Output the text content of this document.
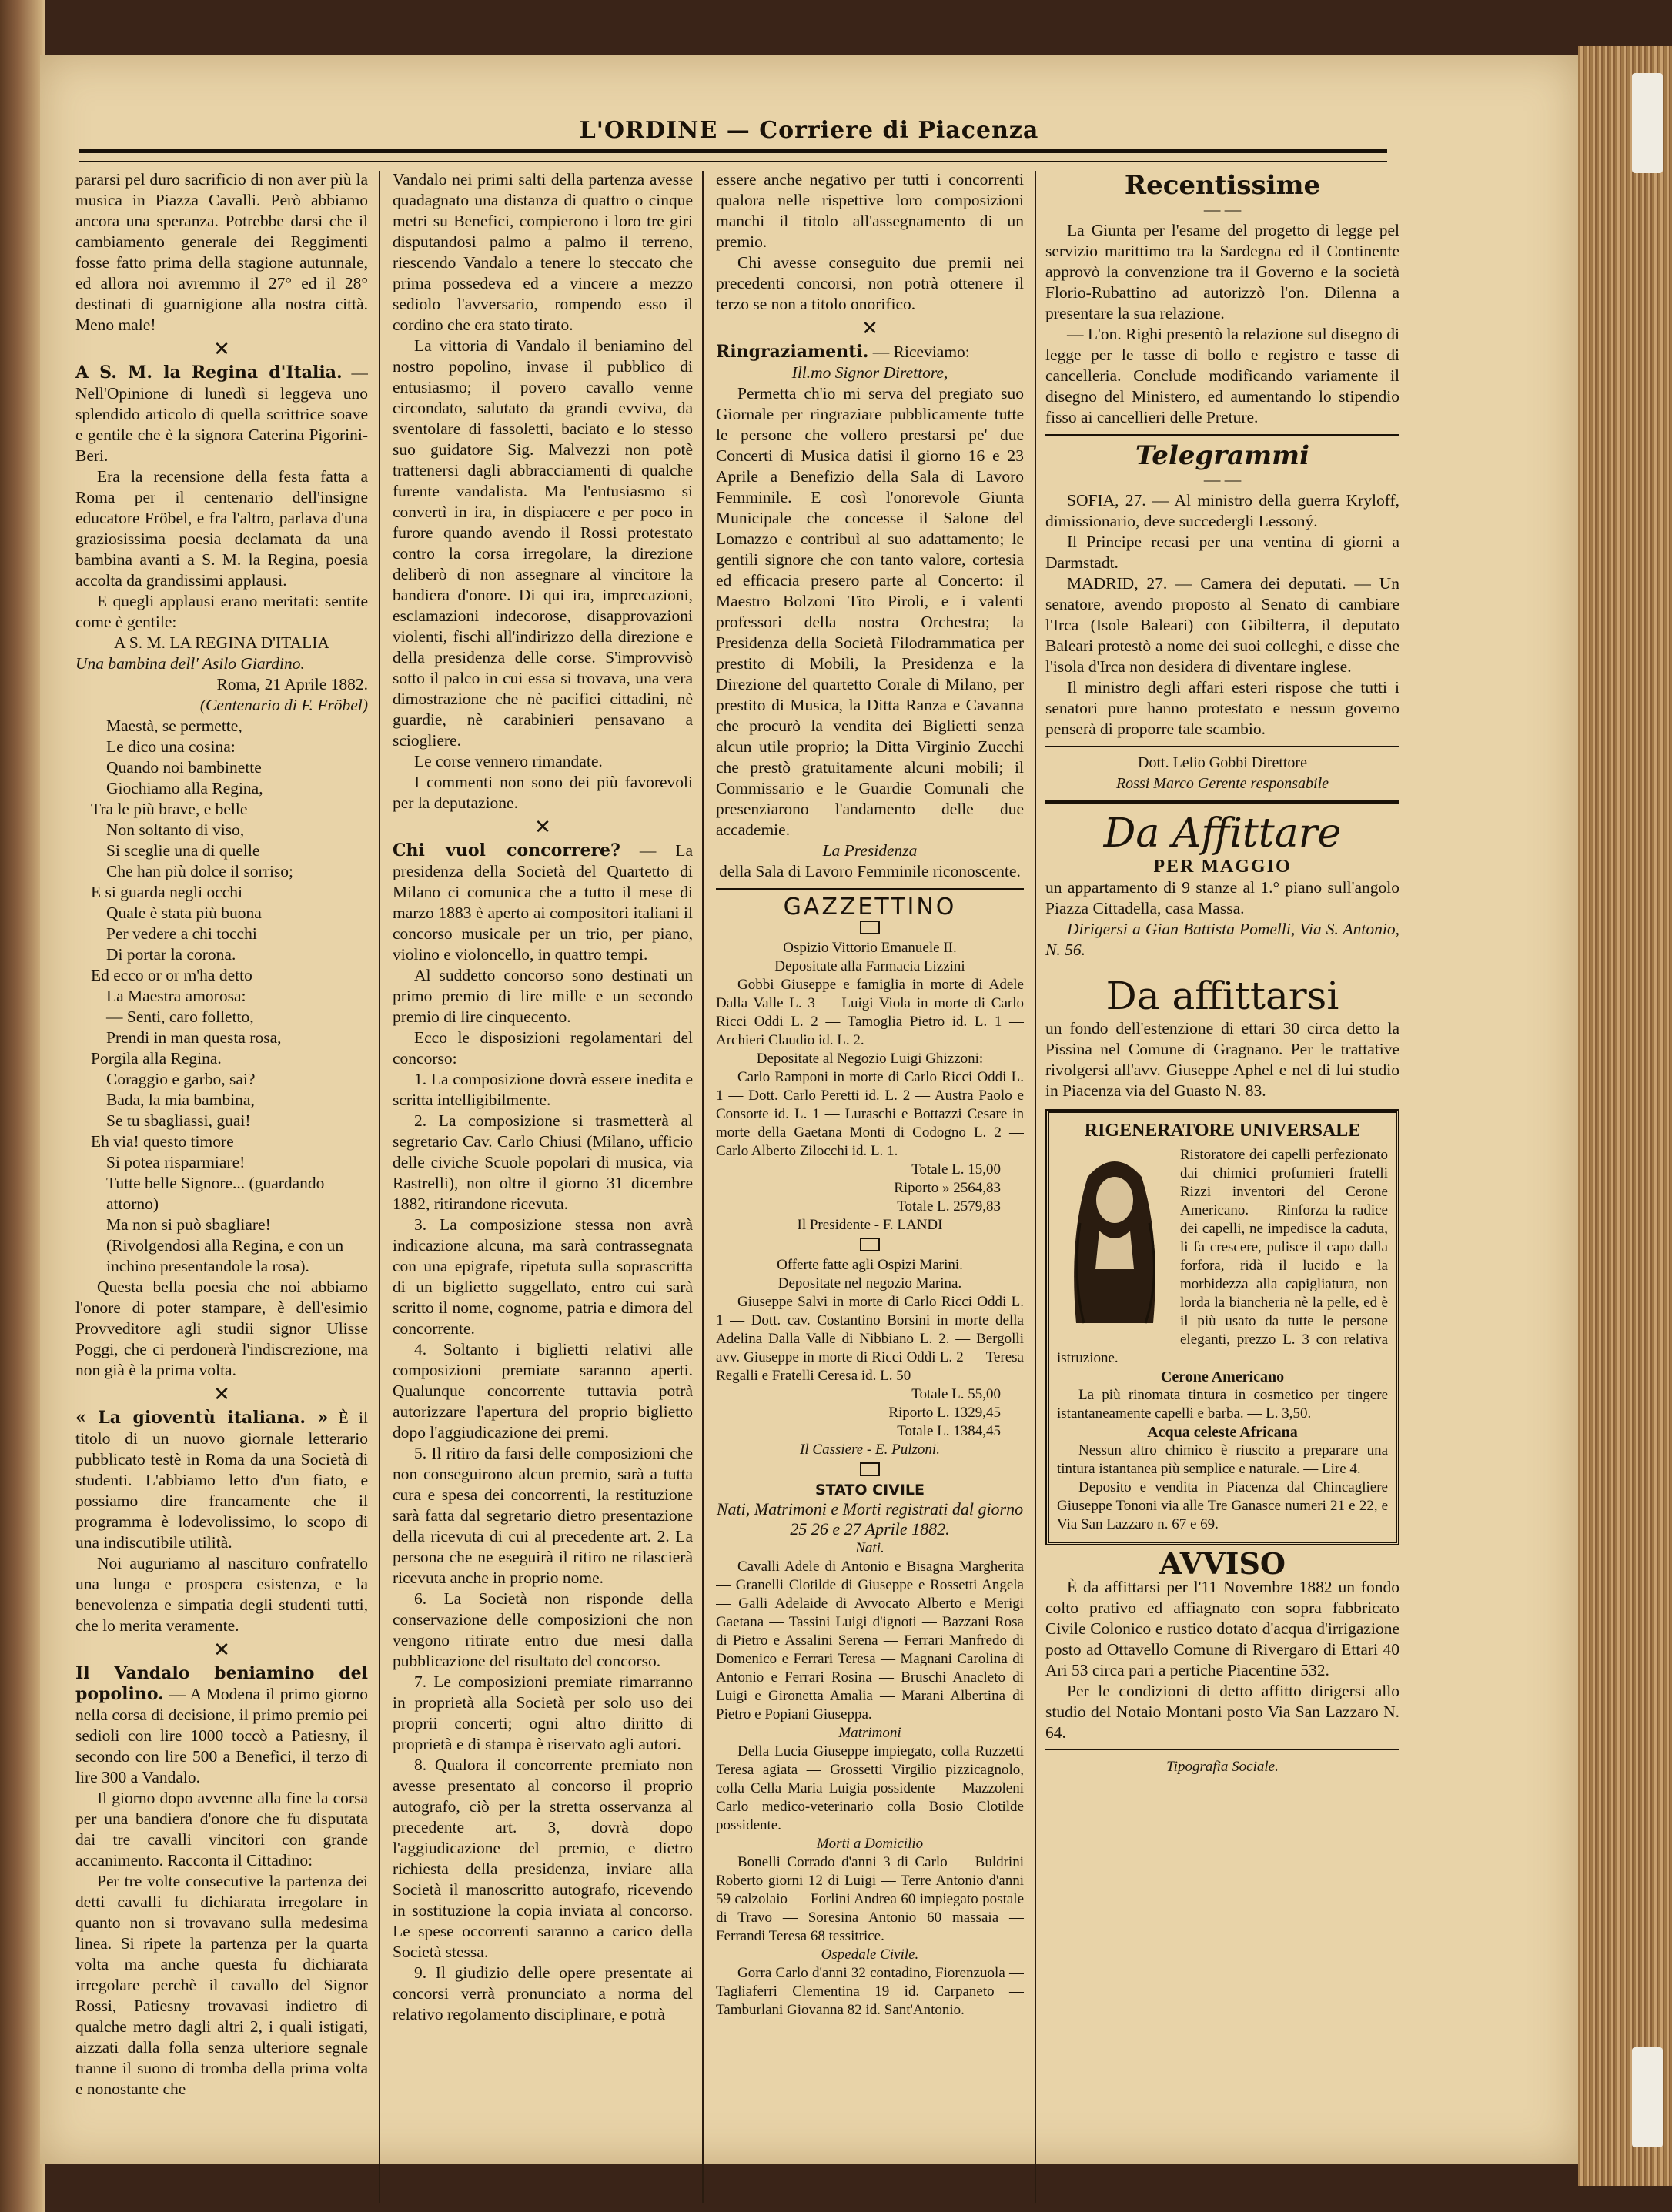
L'ORDINE — Corriere di Piacenza

pararsi pel duro sacrificio di non aver più la musica in Piazza Cavalli. Però abbiamo ancora una speranza. Potrebbe darsi che il cambiamento generale dei Reggimenti fosse fatto prima della stagione autunnale, ed allora noi avremmo il 27° ed il 28° destinati di guarnigione alla nostra città. Meno male!

✕

A S. M. la Regina d'Italia. — Nell'Opinione di lunedì si leggeva uno splendido articolo di quella scrittrice soave e gentile che è la signora Caterina Pigorini-Beri.

Era la recensione della festa fatta a Roma per il centenario dell'insigne educatore Fröbel, e fra l'altro, parlava d'una graziosissima poesia declamata da una bambina avanti a S. M. la Regina, poesia accolta da grandissimi applausi.

E quegli applausi erano meritati: sentite come è gentile:

A S. M. LA REGINA D'ITALIA

Una bambina dell' Asilo Giardino.

Roma, 21 Aprile 1882.

(Centenario di F. Fröbel)

Maestà, se permette,

Le dico una cosina:

Quando noi bambinette

Giochiamo alla Regina,

Tra le più brave, e belle

Non soltanto di viso,

Si sceglie una di quelle

Che han più dolce il sorriso;

E si guarda negli occhi

Quale è stata più buona

Per vedere a chi tocchi

Di portar la corona.

Ed ecco or or m'ha detto

La Maestra amorosa:

— Senti, caro folletto,

Prendi in man questa rosa,

Porgila alla Regina.

Coraggio e garbo, sai?

Bada, la mia bambina,

Se tu sbagliassi, guai!

Eh via! questo timore

Si potea risparmiare!

Tutte belle Signore... (guardando attorno)

Ma non si può sbagliare! (Rivolgendosi alla Regina, e con un inchino presentandole la rosa).

Questa bella poesia che noi abbiamo l'onore di poter stampare, è dell'esimio Provveditore agli studii signor Ulisse Poggi, che ci perdonerà l'indiscrezione, ma non già è la prima volta.

✕

« La gioventù italiana. » È il titolo di un nuovo giornale letterario pubblicato testè in Roma da una Società di studenti. L'abbiamo letto d'un fiato, e possiamo dire francamente che il programma è lodevolissimo, lo scopo di una indiscutibile utilità.

Noi auguriamo al nascituro confratello una lunga e prospera esistenza, e la benevolenza e simpatia degli studenti tutti, che lo merita veramente.

✕

Il Vandalo beniamino del popolino. — A Modena il primo giorno nella corsa di decisione, il primo premio pei sedioli con lire 1000 toccò a Patiesny, il secondo con lire 500 a Benefici, il terzo di lire 300 a Vandalo.

Il giorno dopo avvenne alla fine la corsa per una bandiera d'onore che fu disputata dai tre cavalli vincitori con grande accanimento. Racconta il Cittadino:

Per tre volte consecutive la partenza dei detti cavalli fu dichiarata irregolare in quanto non si trovavano sulla medesima linea. Si ripete la partenza per la quarta volta ma anche questa fu dichiarata irregolare perchè il cavallo del Signor Rossi, Patiesny trovavasi indietro di qualche metro dagli altri 2, i quali istigati, aizzati dalla folla senza ulteriore segnale tranne il suono di tromba della prima volta e nonostante che

Vandalo nei primi salti della partenza avesse quadagnato una distanza di quattro o cinque metri su Benefici, compierono i loro tre giri disputandosi palmo a palmo il terreno, riescendo Vandalo a tenere lo steccato che prima possedeva ed a vincere a mezzo sediolo l'avversario, rompendo esso il cordino che era stato tirato.

La vittoria di Vandalo il beniamino del nostro popolino, invase il pubblico di entusiasmo; il povero cavallo venne circondato, salutato da grandi evviva, da sventolare di fassoletti, baciato e lo stesso suo guidatore Sig. Malvezzi non potè trattenersi dagli abbracciamenti di qualche furente vandalista. Ma l'entusiasmo si convertì in ira, in dispiacere e per poco in furore quando avendo il Rossi protestato contro la corsa irregolare, la direzione deliberò di non assegnare al vincitore la bandiera d'onore. Di qui ira, imprecazioni, esclamazioni indecorose, disapprovazioni violenti, fischi all'indirizzo della direzione e della presidenza delle corse. S'improvvisò sotto il palco in cui essa si trovava, una vera dimostrazione che nè pacifici cittadini, nè guardie, nè carabinieri pensavano a sciogliere.

Le corse vennero rimandate.

I commenti non sono dei più favorevoli per la deputazione.

✕

Chi vuol concorrere? — La presidenza della Società del Quartetto di Milano ci comunica che a tutto il mese di marzo 1883 è aperto ai compositori italiani il concorso musicale per un trio, per piano, violino e violoncello, in quattro tempi.

Al suddetto concorso sono destinati un primo premio di lire mille e un secondo premio di lire cinquecento.

Ecco le disposizioni regolamentari del concorso:

1. La composizione dovrà essere inedita e scritta intelligibilmente.

2. La composizione si trasmetterà al segretario Cav. Carlo Chiusi (Milano, ufficio delle civiche Scuole popolari di musica, via Rastrelli), non oltre il giorno 31 dicembre 1882, ritirandone ricevuta.

3. La composizione stessa non avrà indicazione alcuna, ma sarà contrassegnata con una epigrafe, ripetuta sulla soprascritta di un biglietto suggellato, entro cui sarà scritto il nome, cognome, patria e dimora del concorrente.

4. Soltanto i biglietti relativi alle composizioni premiate saranno aperti. Qualunque concorrente tuttavia potrà autorizzare l'apertura del proprio biglietto dopo l'aggiudicazione dei premi.

5. Il ritiro da farsi delle composizioni che non conseguirono alcun premio, sarà a tutta cura e spesa dei concorrenti, la restituzione sarà fatta dal segretario dietro presentazione della ricevuta di cui al precedente art. 2. La persona che ne eseguirà il ritiro ne rilascierà ricevuta anche in proprio nome.

6. La Società non risponde della conservazione delle composizioni che non vengono ritirate entro due mesi dalla pubblicazione del risultato del concorso.

7. Le composizioni premiate rimarranno in proprietà alla Società per solo uso dei proprii concerti; ogni altro diritto di proprietà e di stampa è riservato agli autori.

8. Qualora il concorrente premiato non avesse presentato al concorso il proprio autografo, ciò per la stretta osservanza al precedente art. 3, dovrà dopo l'aggiudicazione del premio, e dietro richiesta della presidenza, inviare alla Società il manoscritto autografo, ricevendo in sostituzione la copia inviata al concorso. Le spese occorrenti saranno a carico della Società stessa.

9. Il giudizio delle opere presentate ai concorsi verrà pronunciato a norma del relativo regolamento disciplinare, e potrà

essere anche negativo per tutti i concorrenti qualora nelle rispettive loro composizioni manchi il titolo all'assegnamento di un premio.

Chi avesse conseguito due premii nei precedenti concorsi, non potrà ottenere il terzo se non a titolo onorifico.

✕

Ringraziamenti. — Riceviamo:

Ill.mo Signor Direttore,

Permetta ch'io mi serva del pregiato suo Giornale per ringraziare pubblicamente tutte le persone che vollero prestarsi pe' due Concerti di Musica datisi il giorno 16 e 23 Aprile a Benefizio della Sala di Lavoro Femminile. E così l'onorevole Giunta Municipale che concesse il Salone del Lomazzo e contribuì al suo adattamento; le gentili signore che con tanto valore, cortesia ed efficacia presero parte al Concerto: il Maestro Bolzoni Tito Piroli, e i valenti professori della nostra Orchestra; la Presidenza della Società Filodrammatica per prestito di Mobili, la Presidenza e la Direzione del quartetto Corale di Milano, per prestito di Musica, la Ditta Ranza e Cavanna che procurò la vendita dei Biglietti senza alcun utile proprio; la Ditta Virginio Zucchi che prestò gratuitamente alcuni mobili; il Commissario e le Guardie Comunali che presenziarono l'andamento delle due accademie.

La Presidenza

della Sala di Lavoro Femminile riconoscente.

GAZZETTINO

Ospizio Vittorio Emanuele II.

Depositate alla Farmacia Lizzini

Gobbi Giuseppe e famiglia in morte di Adele Dalla Valle L. 3 — Luigi Viola in morte di Carlo Ricci Oddi L. 2 — Tamoglia Pietro id. L. 1 — Archieri Claudio id. L. 2.

Depositate al Negozio Luigi Ghizzoni:

Carlo Ramponi in morte di Carlo Ricci Oddi L. 1 — Dott. Carlo Peretti id. L. 2 — Austra Paolo e Consorte id. L. 1 — Luraschi e Bottazzi Cesare in morte della Gaetana Monti di Codogno L. 2 — Carlo Alberto Zilocchi id. L. 1.

Totale L. 15,00

Riporto » 2564,83

Totale L. 2579,83

Il Presidente - F. LANDI

Offerte fatte agli Ospizi Marini.

Depositate nel negozio Marina.

Giuseppe Salvi in morte di Carlo Ricci Oddi L. 1 — Dott. cav. Costantino Borsini in morte della Adelina Dalla Valle di Nibbiano L. 2. — Bergolli avv. Giuseppe in morte di Ricci Oddi L. 2 — Teresa Regalli e Fratelli Ceresa id. L. 50

Totale L. 55,00

Riporto L. 1329,45

Totale L. 1384,45

Il Cassiere - E. Pulzoni.

STATO CIVILE

Nati, Matrimoni e Morti registrati dal giorno 25 26 e 27 Aprile 1882.

Nati.

Cavalli Adele di Antonio e Bisagna Margherita — Granelli Clotilde di Giuseppe e Rossetti Angela — Galli Adelaide di Avvocato Alberto e Merigi Gaetana — Tassini Luigi d'ignoti — Bazzani Rosa di Pietro e Assalini Serena — Ferrari Manfredo di Domenico e Ferrari Teresa — Magnani Carolina di Antonio e Ferrari Rosina — Bruschi Anacleto di Luigi e Gironetta Amalia — Marani Albertina di Pietro e Popiani Giuseppa.

Matrimoni

Della Lucia Giuseppe impiegato, colla Ruzzetti Teresa agiata — Grossetti Virgilio pizzicagnolo, colla Cella Maria Luigia possidente — Mazzoleni Carlo medico-veterinario colla Bosio Clotilde possidente.

Morti a Domicilio

Bonelli Corrado d'anni 3 di Carlo — Buldrini Roberto giorni 12 di Luigi — Terre Antonio d'anni 59 calzolaio — Forlini Andrea 60 impiegato postale di Travo — Soresina Antonio 60 massaia — Ferrandi Teresa 68 tessitrice.

Ospedale Civile.

Gorra Carlo d'anni 32 contadino, Fiorenzuola — Tagliaferri Clementina 19 id. Carpaneto — Tamburlani Giovanna 82 id. Sant'Antonio.

Recentissime
— —

La Giunta per l'esame del progetto di legge pel servizio marittimo tra la Sardegna ed il Continente approvò la convenzione tra il Governo e la società Florio-Rubattino ad autorizzò l'on. Dilenna a presentare la sua relazione.

— L'on. Righi presentò la relazione sul disegno di legge per le tasse di bollo e registro e tasse di cancelleria. Conclude modificando variamente il disegno del Ministero, ed aumentando lo stipendio fisso ai cancellieri delle Preture.

Telegrammi
— —

SOFIA, 27. — Al ministro della guerra Kryloff, dimissionario, deve succedergli Lessoný.

Il Principe recasi per una ventina di giorni a Darmstadt.

MADRID, 27. — Camera dei deputati. — Un senatore, avendo proposto al Senato di cambiare l'Irca (Isole Baleari) con Gibilterra, il deputato Baleari protestò a nome dei suoi colleghi, e disse che l'isola d'Irca non desidera di diventare inglese.

Il ministro degli affari esteri rispose che tutti i senatori pure hanno protestato e nessun governo penserà di proporre tale scambio.

Dott. Lelio Gobbi Direttore

Rossi Marco Gerente responsabile

Da Affittare
PER MAGGIO

un appartamento di 9 stanze al 1.° piano sull'angolo Piazza Cittadella, casa Massa.

Dirigersi a Gian Battista Pomelli, Via S. Antonio, N. 56.

Da affittarsi

un fondo dell'estenzione di ettari 30 circa detto la Pissina nel Comune di Gragnano. Per le trattative rivolgersi all'avv. Giuseppe Aphel e nel di lui studio in Piacenza via del Guasto N. 83.

RIGENERATORE UNIVERSALE

Ristoratore dei capelli perfezionato dai chimici profumieri fratelli Rizzi inventori del Cerone Americano. — Rinforza la radice dei capelli, ne impedisce la caduta, li fa crescere, pulisce il capo dalla forfora, ridà il lucido e la morbidezza alla capigliatura, non lorda la biancheria nè la pelle, ed è il più usato da tutte le persone eleganti, prezzo L. 3 con relativa istruzione.

Cerone Americano

La più rinomata tintura in cosmetico per tingere istantaneamente capelli e barba. — L. 3,50.

Acqua celeste Africana

Nessun altro chimico è riuscito a preparare una tintura istantanea più semplice e naturale. — Lire 4.

Deposito e vendita in Piacenza dal Chincagliere Giuseppe Tononi via alle Tre Ganasce numeri 21 e 22, e Via San Lazzaro n. 67 e 69.

AVVISO

È da affittarsi per l'11 Novembre 1882 un fondo colto prativo ed affiagnato con sopra fabbricato Civile Colonico e rustico dotato d'acqua d'irrigazione posto ad Ottavello Comune di Rivergaro di Ettari 40 Ari 53 circa pari a pertiche Piacentine 532.

Per le condizioni di detto affitto dirigersi allo studio del Notaio Montani posto Via San Lazzaro N. 64.

Tipografia Sociale.
